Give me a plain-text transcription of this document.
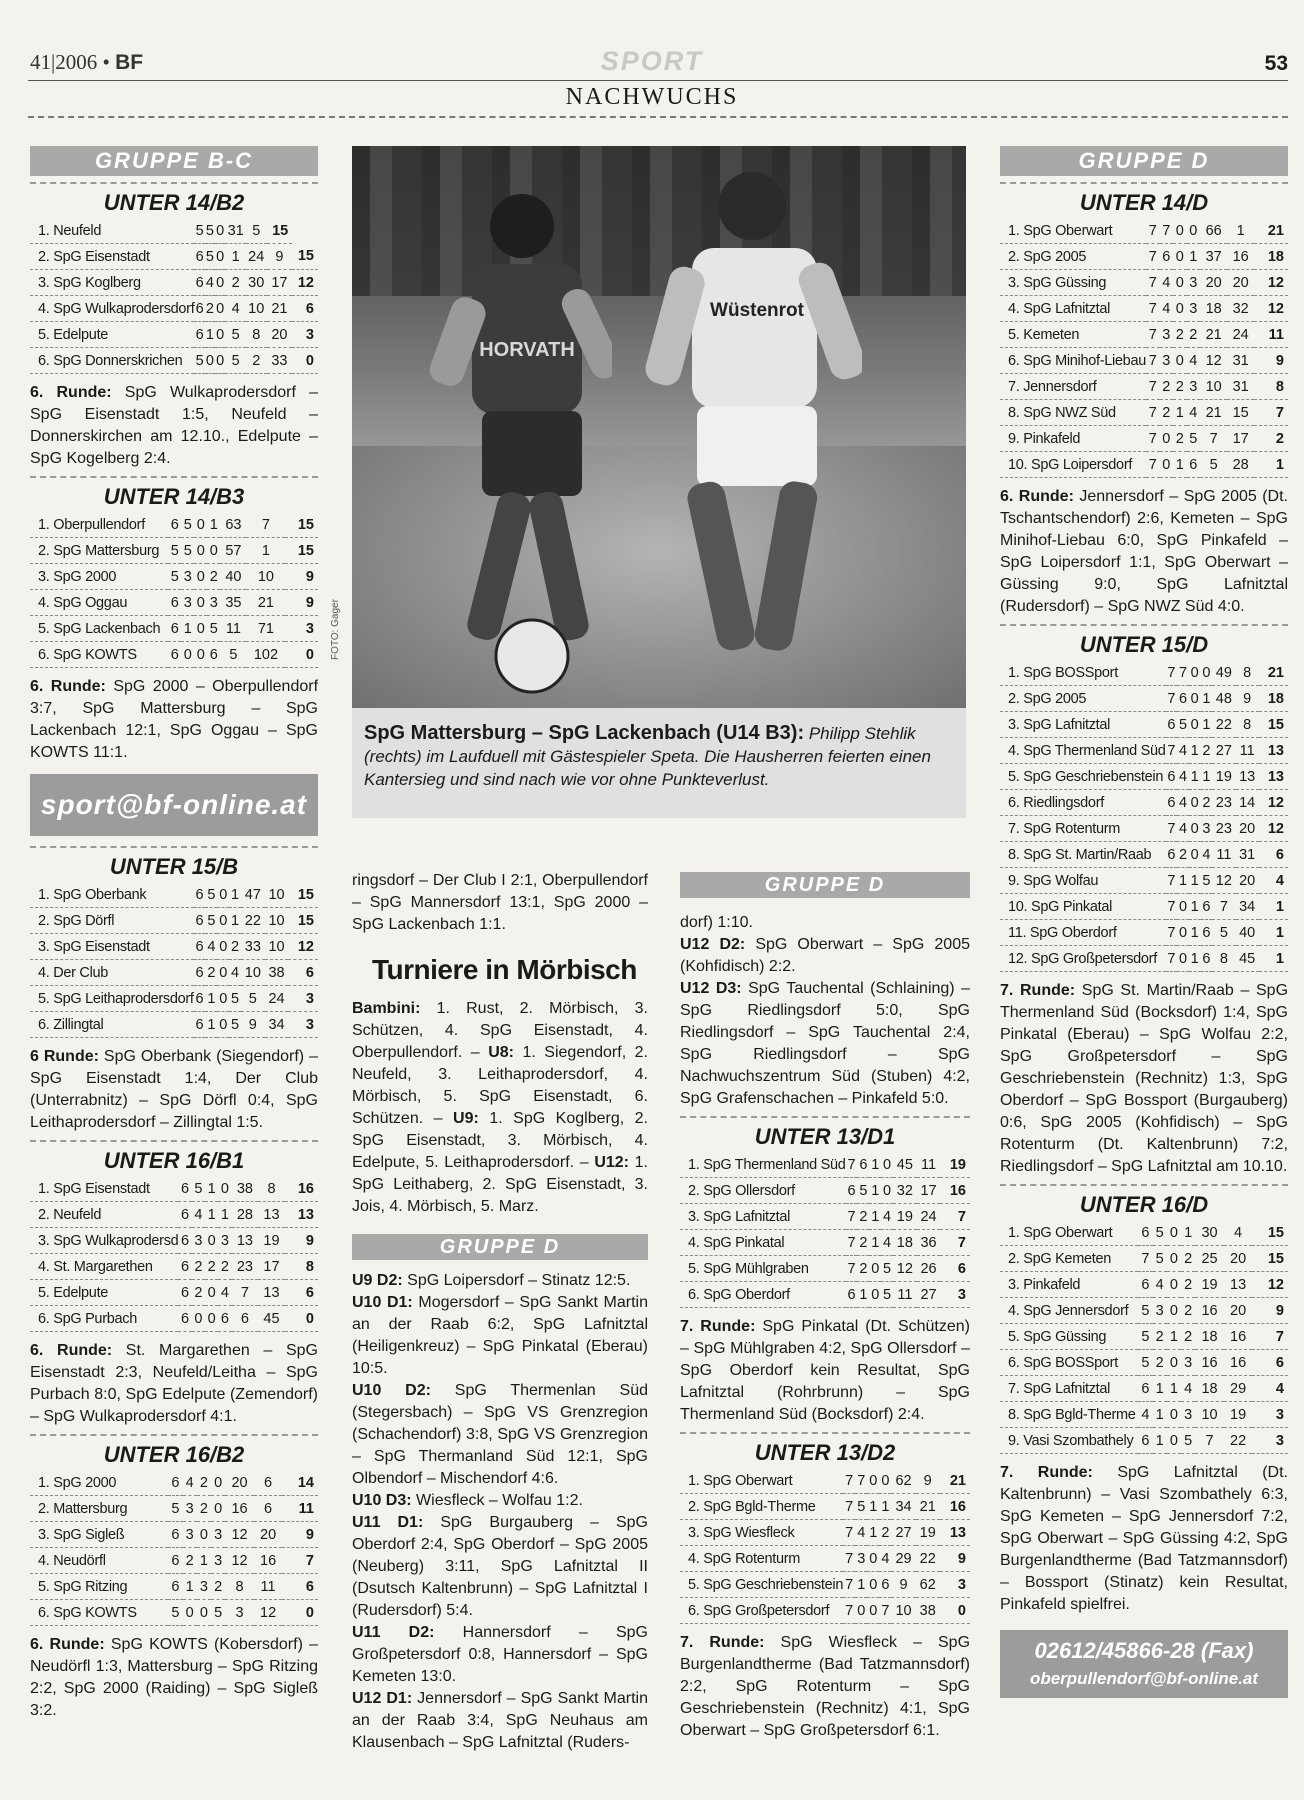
41|2006 • BF	SPORT	53
NACHWUCHS
GRUPPE B-C
UNTER 14/B2
1. Neufeld	5	5	0	31	5	15	
2. SpG Eisenstadt	6	5	0	1	24	9	15
3. SpG Koglberg	6	4	0	2	30	17	12
4. SpG Wulkaprodersdorf	6	2	0	4	10	21	6
5. Edelpute	6	1	0	5	8	20	3
6. SpG Donnerskrichen	5	0	0	5	2	33	0
6. Runde: SpG Wulkaprodersdorf – SpG Eisenstadt 1:5, Neufeld – Donnerskirchen am 12.10., Edelpute – SpG Kogelberg 2:4.
UNTER 14/B3
1. Oberpullendorf	6	5	0	1	63	7	15
2. SpG Mattersburg	5	5	0	0	57	1	15
3. SpG 2000	5	3	0	2	40	10	9
4. SpG Oggau	6	3	0	3	35	21	9
5. SpG Lackenbach	6	1	0	5	11	71	3
6. SpG KOWTS	6	0	0	6	5	102	0
6. Runde: SpG 2000 – Oberpullendorf 3:7, SpG Mattersburg – SpG Lackenbach 12:1, SpG Oggau – SpG KOWTS 11:1.
sport@bf-online.at
UNTER 15/B
1. SpG Oberbank	6	5	0	1	47	10	15
2. SpG Dörfl	6	5	0	1	22	10	15
3. SpG Eisenstadt	6	4	0	2	33	10	12
4. Der Club	6	2	0	4	10	38	6
5. SpG Leithaprodersdorf	6	1	0	5	5	24	3
6. Zillingtal	6	1	0	5	9	34	3
6 Runde: SpG Oberbank (Siegendorf) – SpG Eisenstadt 1:4, Der Club (Unterrabnitz) – SpG Dörfl 0:4, SpG Leithaprodersdorf – Zillingtal 1:5.
UNTER 16/B1
1. SpG Eisenstadt	6	5	1	0	38	8	16
2. Neufeld	6	4	1	1	28	13	13
3. SpG Wulkaprodersd	6	3	0	3	13	19	9
4. St. Margarethen	6	2	2	2	23	17	8
5. Edelpute	6	2	0	4	7	13	6
6. SpG Purbach	6	0	0	6	6	45	0
6. Runde: St. Margarethen – SpG Eisenstadt 2:3, Neufeld/Leitha – SpG Purbach 8:0, SpG Edelpute (Zemendorf) – SpG Wulkaprodersdorf 4:1.
UNTER 16/B2
1. SpG 2000	6	4	2	0	20	6	14
2. Mattersburg	5	3	2	0	16	6	11
3. SpG Sigleß	6	3	0	3	12	20	9
4. Neudörfl	6	2	1	3	12	16	7
5. SpG Ritzing	6	1	3	2	8	11	6
6. SpG KOWTS	5	0	0	5	3	12	0
6. Runde: SpG KOWTS (Kobersdorf) – Neudörfl 1:3, Mattersburg – SpG Ritzing 2:2, SpG 2000 (Raiding) – SpG Sigleß 3:2.
HORVATH
Wüstenrot
FOTO: Gager
SpG Mattersburg – SpG Lackenbach (U14 B3): Philipp Stehlik (rechts) im Laufduell mit Gästespieler Speta. Die Hausherren feierten einen Kantersieg und sind nach wie vor ohne Punkteverlust.
ringsdorf – Der Club I 2:1, Oberpullendorf – SpG Mannersdorf 13:1, SpG 2000 – SpG Lackenbach 1:1.
Turniere in Mörbisch
Bambini: 1. Rust, 2. Mörbisch, 3. Schützen, 4. SpG Eisenstadt, 4. Oberpullendorf. – U8: 1. Siegendorf, 2. Neufeld, 3. Leithaprodersdorf, 4. Mörbisch, 5. SpG Eisenstadt, 6. Schützen. – U9: 1. SpG Koglberg, 2. SpG Eisenstadt, 3. Mörbisch, 4. Edelpute, 5. Leithaprodersdorf. – U12: 1. SpG Leithaberg, 2. SpG Eisenstadt, 3. Jois, 4. Mörbisch, 5. Marz.
GRUPPE D
U9 D2: SpG Loipersdorf – Stinatz 12:5.
U10 D1: Mogersdorf – SpG Sankt Martin an der Raab 6:2, SpG Lafnitztal (Heiligenkreuz) – SpG Pinkatal (Eberau) 10:5.
U10 D2: SpG Thermenlan Süd (Stegersbach) – SpG VS Grenzregion (Schachendorf) 3:8, SpG VS Grenzregion – SpG Thermanland Süd 12:1, SpG Olbendorf – Mischendorf 4:6.
U10 D3: Wiesfleck – Wolfau 1:2.
U11 D1: SpG Burgauberg – SpG Oberdorf 2:4, SpG Oberdorf – SpG 2005 (Neuberg) 3:11, SpG Lafnitztal II (Dsutsch Kaltenbrunn) – SpG Lafnitztal I (Rudersdorf) 5:4.
U11 D2: Hannersdorf – SpG Großpetersdorf 0:8, Hannersdorf – SpG Kemeten 13:0.
U12 D1: Jennersdorf – SpG Sankt Martin an der Raab 3:4, SpG Neuhaus am Klausenbach – SpG Lafnitztal (Ruders-
GRUPPE D
dorf) 1:10.
U12 D2: SpG Oberwart – SpG 2005 (Kohfidisch) 2:2.
U12 D3: SpG Tauchental (Schlaining) – SpG Riedlingsdorf 5:0, SpG Riedlingsdorf – SpG Tauchental 2:4, SpG Riedlingsdorf – SpG Nachwuchszentrum Süd (Stuben) 4:2, SpG Grafenschachen – Pinkafeld 5:0.
UNTER 13/D1
1. SpG Thermenland Süd	7	6	1	0	45	11	19
2. SpG Ollersdorf	6	5	1	0	32	17	16
3. SpG Lafnitztal	7	2	1	4	19	24	7
4. SpG Pinkatal	7	2	1	4	18	36	7
5. SpG Mühlgraben	7	2	0	5	12	26	6
6. SpG Oberdorf	6	1	0	5	11	27	3
7. Runde: SpG Pinkatal (Dt. Schützen) – SpG Mühlgraben 4:2, SpG Ollersdorf – SpG Oberdorf kein Resultat, SpG Lafnitztal (Rohrbrunn) – SpG Thermenland Süd (Bocksdorf) 2:4.
UNTER 13/D2
1. SpG Oberwart	7	7	0	0	62	9	21
2. SpG Bgld-Therme	7	5	1	1	34	21	16
3. SpG Wiesfleck	7	4	1	2	27	19	13
4. SpG Rotenturm	7	3	0	4	29	22	9
5. SpG Geschriebenstein	7	1	0	6	9	62	3
6. SpG Großpetersdorf	7	0	0	7	10	38	0
7. Runde: SpG Wiesfleck – SpG Burgenlandtherme (Bad Tatzmannsdorf) 2:2, SpG Rotenturm – SpG Geschriebenstein (Rechnitz) 4:1, SpG Oberwart – SpG Großpetersdorf 6:1.
GRUPPE D
UNTER 14/D
1. SpG Oberwart	7	7	0	0	66	1	21
2. SpG 2005	7	6	0	1	37	16	18
3. SpG Güssing	7	4	0	3	20	20	12
4. SpG Lafnitztal	7	4	0	3	18	32	12
5. Kemeten	7	3	2	2	21	24	11
6. SpG Minihof-Liebau	7	3	0	4	12	31	9
7. Jennersdorf	7	2	2	3	10	31	8
8. SpG NWZ Süd	7	2	1	4	21	15	7
9. Pinkafeld	7	0	2	5	7	17	2
10. SpG Loipersdorf	7	0	1	6	5	28	1
6. Runde: Jennersdorf – SpG 2005 (Dt. Tschantschendorf) 2:6, Kemeten – SpG Minihof-Liebau 6:0, SpG Pinkafeld – SpG Loipersdorf 1:1, SpG Oberwart – Güssing 9:0, SpG Lafnitztal (Rudersdorf) – SpG NWZ Süd 4:0.
UNTER 15/D
1. SpG BOSSport	7	7	0	0	49	8	21
2. SpG 2005	7	6	0	1	48	9	18
3. SpG Lafnitztal	6	5	0	1	22	8	15
4. SpG Thermenland Süd	7	4	1	2	27	11	13
5. SpG Geschriebenstein	6	4	1	1	19	13	13
6. Riedlingsdorf	6	4	0	2	23	14	12
7. SpG Rotenturm	7	4	0	3	23	20	12
8. SpG St. Martin/Raab	6	2	0	4	11	31	6
9. SpG Wolfau	7	1	1	5	12	20	4
10. SpG Pinkatal	7	0	1	6	7	34	1
11. SpG Oberdorf	7	0	1	6	5	40	1
12. SpG Großpetersdorf	7	0	1	6	8	45	1
7. Runde: SpG St. Martin/Raab – SpG Thermenland Süd (Bocksdorf) 1:4, SpG Pinkatal (Eberau) – SpG Wolfau 2:2, SpG Großpetersdorf – SpG Geschriebenstein (Rechnitz) 1:3, SpG Oberdorf – SpG Bossport (Burgauberg) 0:6, SpG 2005 (Kohfidisch) – SpG Rotenturm (Dt. Kaltenbrunn) 7:2, Riedlingsdorf – SpG Lafnitztal am 10.10.
UNTER 16/D
1. SpG Oberwart	6	5	0	1	30	4	15
2. SpG Kemeten	7	5	0	2	25	20	15
3. Pinkafeld	6	4	0	2	19	13	12
4. SpG Jennersdorf	5	3	0	2	16	20	9
5. SpG Güssing	5	2	1	2	18	16	7
6. SpG BOSSport	5	2	0	3	16	16	6
7. SpG Lafnitztal	6	1	1	4	18	29	4
8. SpG Bgld-Therme	4	1	0	3	10	19	3
9. Vasi Szombathely	6	1	0	5	7	22	3
7. Runde: SpG Lafnitztal (Dt. Kaltenbrunn) – Vasi Szombathely 6:3, SpG Kemeten – SpG Jennersdorf 7:2, SpG Oberwart – SpG Güssing 4:2, SpG Burgenlandtherme (Bad Tatzmannsdorf) – Bossport (Stinatz) kein Resultat, Pinkafeld spielfrei.
02612/45866-28 (Fax)
oberpullendorf@bf-online.at
